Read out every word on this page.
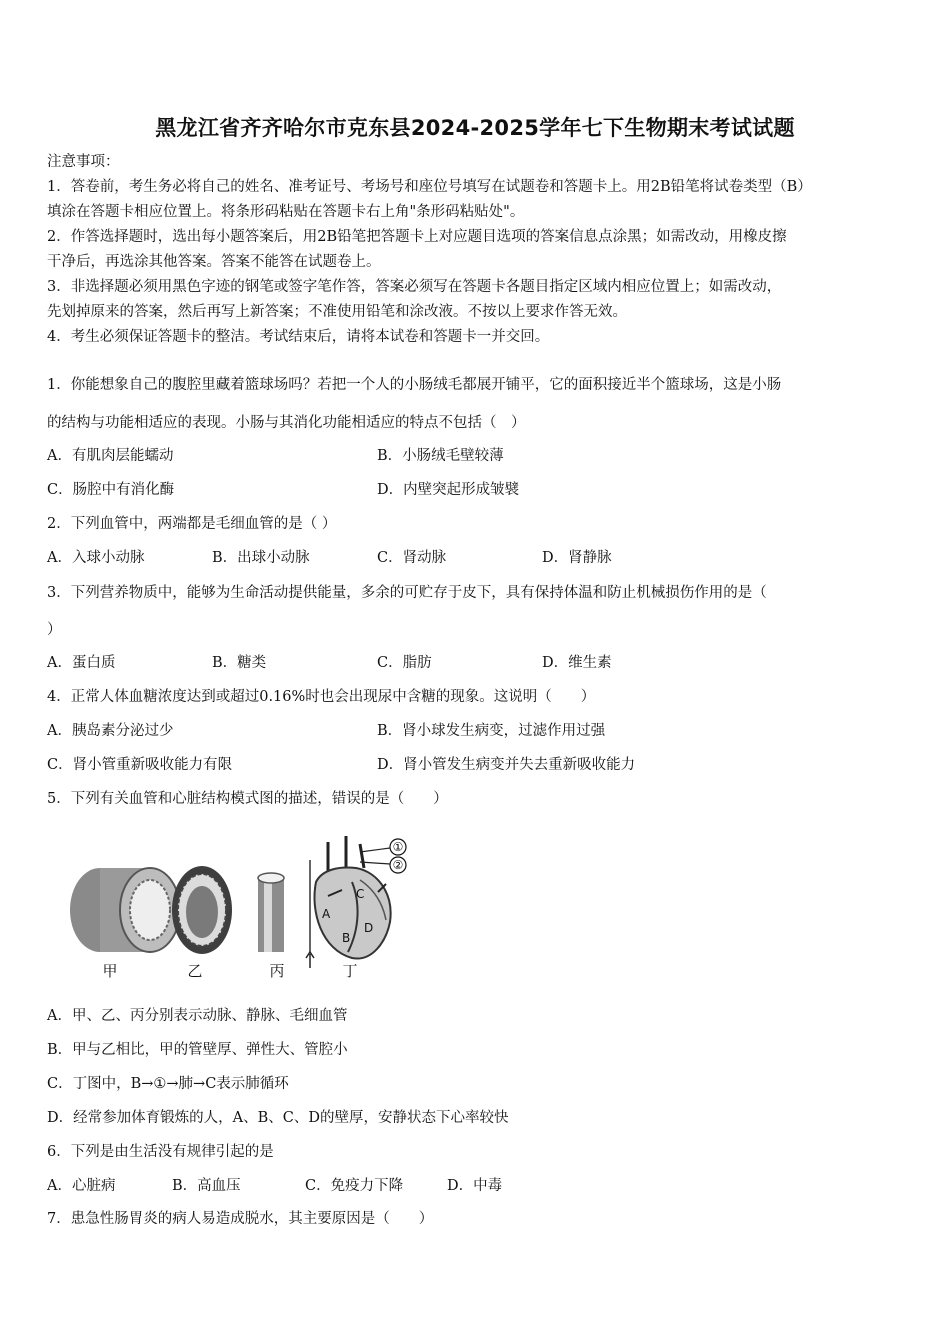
黑龙江省齐齐哈尔市克东县2024-2025学年七下生物期末考试试题

注意事项：

1．答卷前，考生务必将自己的姓名、准考证号、考场号和座位号填写在试题卷和答题卡上。用2B铅笔将试卷类型（B）

填涂在答题卡相应位置上。将条形码粘贴在答题卡右上角"条形码粘贴处"。

2．作答选择题时，选出每小题答案后，用2B铅笔把答题卡上对应题目选项的答案信息点涂黑；如需改动，用橡皮擦

干净后，再选涂其他答案。答案不能答在试题卷上。

3．非选择题必须用黑色字迹的钢笔或签字笔作答，答案必须写在答题卡各题目指定区域内相应位置上；如需改动，

先划掉原来的答案，然后再写上新答案；不准使用铅笔和涂改液。不按以上要求作答无效。

4．考生必须保证答题卡的整洁。考试结束后，请将本试卷和答题卡一并交回。

1．你能想象自己的腹腔里藏着篮球场吗？若把一个人的小肠绒毛都展开铺平，它的面积接近半个篮球场，这是小肠
的结构与功能相适应的表现。小肠与其消化功能相适应的特点不包括（　）
A．有肌肉层能蠕动	B．小肠绒毛壁较薄
C．肠腔中有消化酶	D．内壁突起形成皱襞
2．下列血管中，两端都是毛细血管的是（ ）
A．入球小动脉	B．出球小动脉	C．肾动脉	D．肾静脉
3．下列营养物质中，能够为生命活动提供能量，多余的可贮存于皮下，具有保持体温和防止机械损伤作用的是（
）
A．蛋白质	B．糖类	C．脂肪	D．维生素
4．正常人体血糖浓度达到或超过0.16%时也会出现尿中含糖的现象。这说明（　　）
A．胰岛素分泌过少	B．肾小球发生病变，过滤作用过强
C．肾小管重新吸收能力有限	D．肾小管发生病变并失去重新吸收能力
5．下列有关血管和心脏结构模式图的描述，错误的是（　　）
①
②
A
B
C
D
甲	乙	丙	丁
A．甲、乙、丙分别表示动脉、静脉、毛细血管
B．甲与乙相比，甲的管壁厚、弹性大、管腔小
C．丁图中，B→①→肺→C表示肺循环
D．经常参加体育锻炼的人，A、B、C、D的壁厚，安静状态下心率较快
6．下列是由生活没有规律引起的是
A．心脏病	B．高血压	C．免疫力下降	D．中毒
7．患急性肠胃炎的病人易造成脱水，其主要原因是（　　）
